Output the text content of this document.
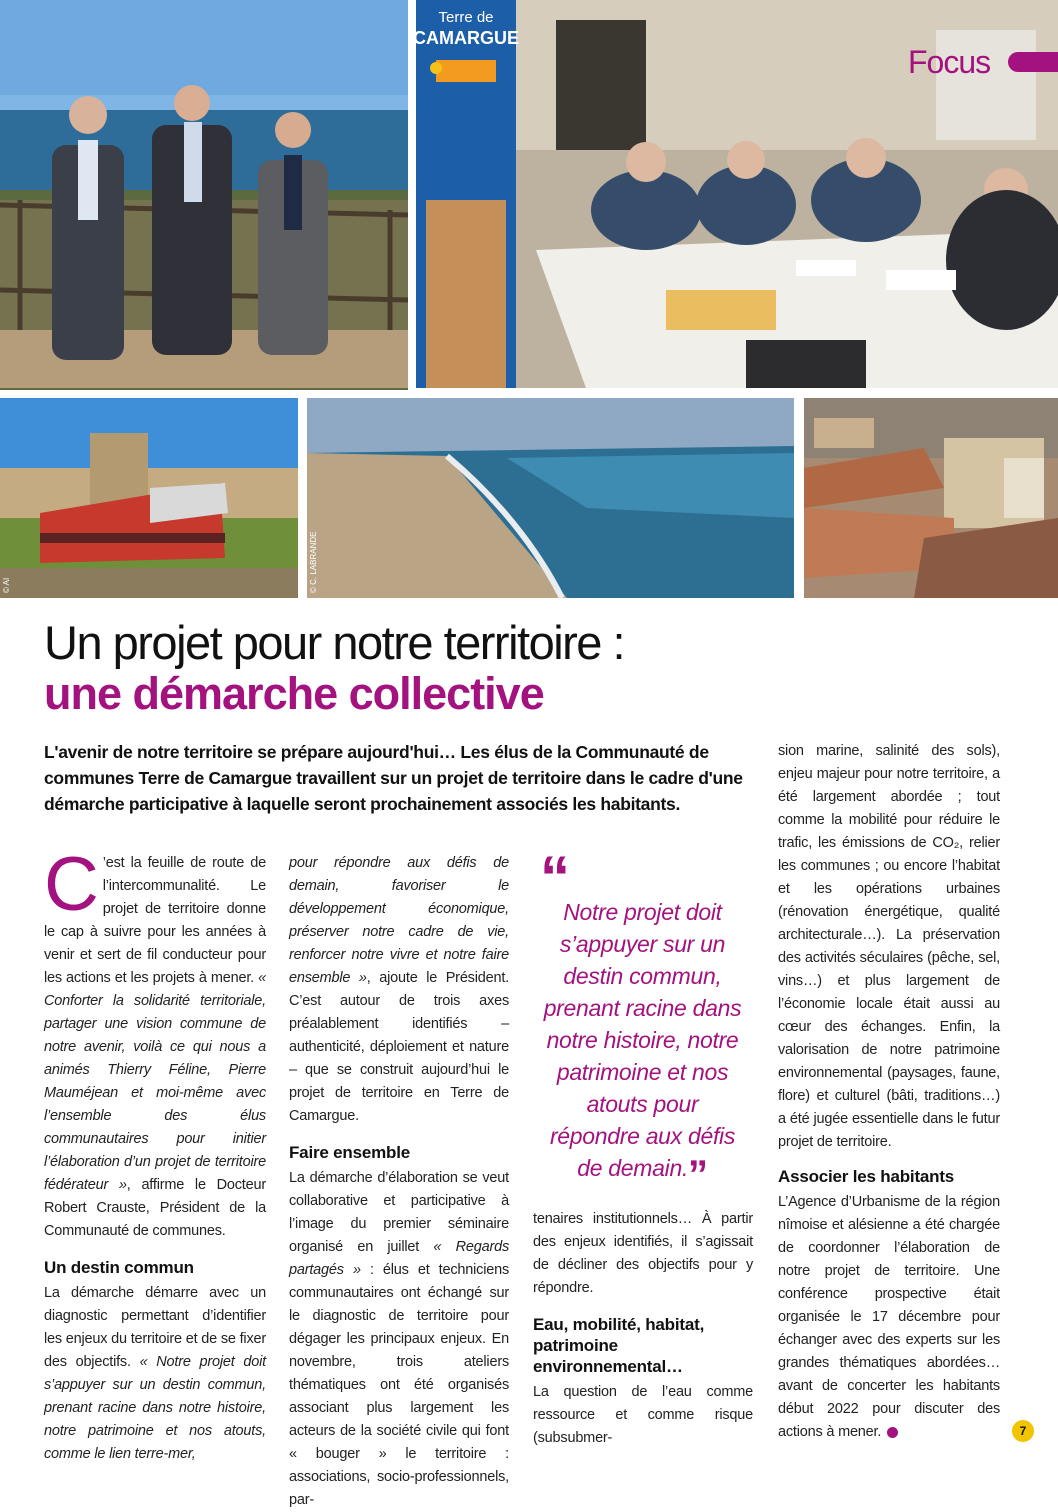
Terre de
CAMARGUE
Focus
© AI	© C. LABRANDE
Un projet pour notre territoire :
une démarche collective

L'avenir de notre territoire se prépare aujourd'hui… Les élus de la Communauté de communes Terre de Camargue travaillent sur un projet de territoire dans le cadre d'une démarche participative à laquelle seront prochainement associés les habitants.

C ’est la feuille de route de l’intercommunalité. Le projet de territoire donne le cap à suivre pour les années à venir et sert de fil conducteur pour les actions et les projets à mener. « Conforter la solidarité territoriale, partager une vision commune de notre avenir, voilà ce qui nous a animés Thierry Féline, Pierre Mauméjean et moi-même avec l’ensemble des élus communautaires pour initier l’élaboration d’un projet de territoire fédérateur », affirme le Docteur Robert Crauste, Président de la Communauté de communes.

Un destin commun

La démarche démarre avec un diagnostic permettant d’identifier les enjeux du territoire et de se fixer des objectifs. « Notre projet doit s’appuyer sur un destin commun, prenant racine dans notre histoire, notre patrimoine et nos atouts, comme le lien terre-mer,

pour répondre aux défis de demain, favoriser le développement économique, préserver notre cadre de vie, renforcer notre vivre et notre faire ensemble », ajoute le Président. C’est autour de trois axes préalablement identifiés – authenticité, déploiement et nature – que se construit aujourd’hui le projet de territoire en Terre de Camargue.

Faire ensemble

La démarche d’élaboration se veut collaborative et participative à l’image du premier séminaire organisé en juillet « Regards partagés » : élus et techniciens communautaires ont échangé sur le diagnostic de territoire pour dégager les principaux enjeux. En novembre, trois ateliers thématiques ont été organisés associant plus largement les acteurs de la société civile qui font « bouger » le territoire : associations, socio-professionnels, par-

“
Notre projet doit s’appuyer sur un destin commun, prenant racine dans notre histoire, notre patrimoine et nos atouts pour répondre aux défis de demain.”

tenaires institutionnels… À partir des enjeux identifiés, il s’agissait de décliner des objectifs pour y répondre.

Eau, mobilité, habitat, patrimoine environnemental…

La question de l’eau comme ressource et comme risque (subsubmer-

sion marine, salinité des sols), enjeu majeur pour notre territoire, a été largement abordée ; tout comme la mobilité pour réduire le trafic, les émissions de CO₂, relier les communes ; ou encore l’habitat et les opérations urbaines (rénovation énergétique, qualité architecturale…). La préservation des activités séculaires (pêche, sel, vins…) et plus largement de l’économie locale était aussi au cœur des échanges. Enfin, la valorisation de notre patrimoine environnemental (paysages, faune, flore) et culturel (bâti, traditions…) a été jugée essentielle dans le futur projet de territoire.

Associer les habitants

L’Agence d’Urbanisme de la région nîmoise et alésienne a été chargée de coordonner l’élaboration de notre projet de territoire. Une conférence prospective était organisée le 17 décembre pour échanger avec des experts sur les grandes thématiques abordées… avant de concerter les habitants début 2022 pour discuter des actions à mener.	7
